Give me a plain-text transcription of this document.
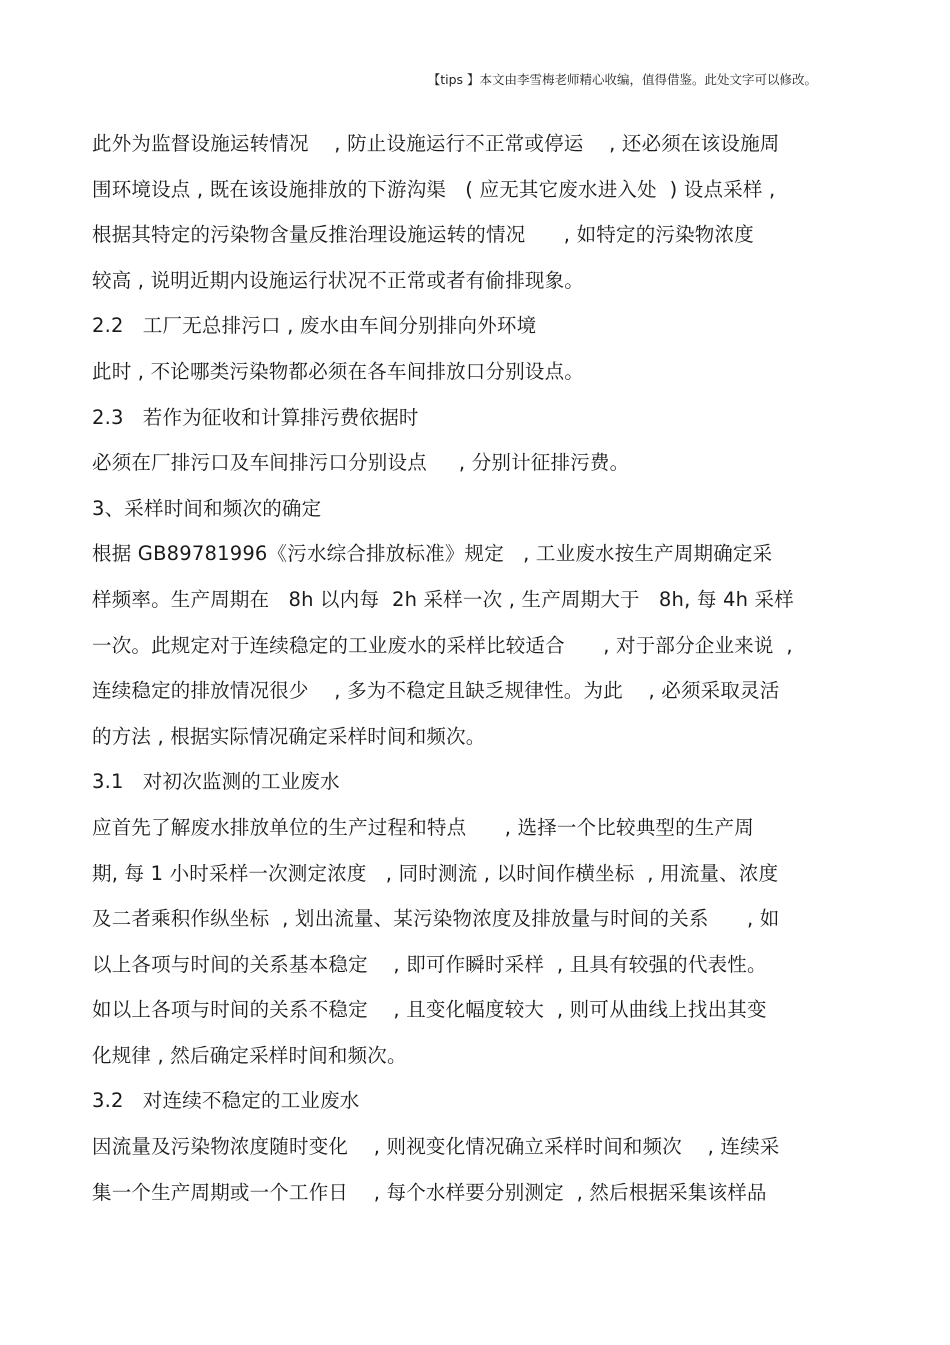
【tips 】本文由李雪梅老师精心收编，值得借鉴。此处文字可以修改。
此外为监督设施运转情况    , 防止设施运行不正常或停运    , 还必须在该设施周
围环境设点 , 既在该设施排放的下游沟渠   ( 应无其它废水进入处  ) 设点采样 ,
根据其特定的污染物含量反推治理设施运转的情况      , 如特定的污染物浓度
较高 , 说明近期内设施运行状况不正常或者有偷排现象。
2.2   工厂无总排污口 , 废水由车间分别排向外环境
此时 , 不论哪类污染物都必须在各车间排放口分别设点。
2.3   若作为征收和计算排污费依据时
必须在厂排污口及车间排污口分别设点     , 分别计征排污费。
3、采样时间和频次的确定
根据 GB89781996《污水综合排放标准》规定   , 工业废水按生产周期确定采
样频率。生产周期在   8h 以内每  2h 采样一次 , 生产周期大于   8h, 每 4h 采样
一次。此规定对于连续稳定的工业废水的采样比较适合      , 对于部分企业来说  ,
连续稳定的排放情况很少    , 多为不稳定且缺乏规律性。为此    , 必须采取灵活
的方法 , 根据实际情况确定采样时间和频次。
3.1   对初次监测的工业废水
应首先了解废水排放单位的生产过程和特点      , 选择一个比较典型的生产周
期, 每 1 小时采样一次测定浓度   , 同时测流 , 以时间作横坐标  , 用流量、浓度
及二者乘积作纵坐标  , 划出流量、某污染物浓度及排放量与时间的关系      , 如
以上各项与时间的关系基本稳定    , 即可作瞬时采样  , 且具有较强的代表性。
如以上各项与时间的关系不稳定    , 且变化幅度较大  , 则可从曲线上找出其变
化规律 , 然后确定采样时间和频次。
3.2   对连续不稳定的工业废水
因流量及污染物浓度随时变化    , 则视变化情况确立采样时间和频次    , 连续采
集一个生产周期或一个工作日    , 每个水样要分别测定  , 然后根据采集该样品
